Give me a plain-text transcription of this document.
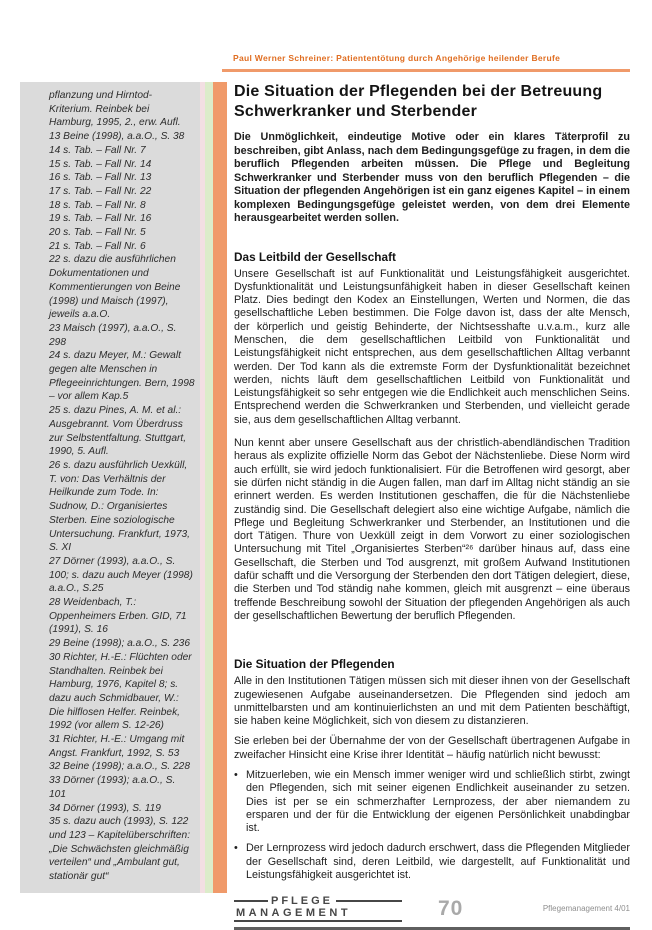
Paul Werner Schreiner: Patiententötung durch Angehörige heilender Berufe

pflanzung und Hirntod-Kriterium. Reinbek bei Hamburg, 1995, 2., erw. Aufl.

13 Beine (1998), a.a.O., S. 38

14 s. Tab. – Fall Nr. 7

15 s. Tab. – Fall Nr. 14

16 s. Tab. – Fall Nr. 13

17 s. Tab. – Fall Nr. 22

18 s. Tab. – Fall Nr. 8

19 s. Tab. – Fall Nr. 16

20 s. Tab. – Fall Nr. 5

21 s. Tab. – Fall Nr. 6

22 s. dazu die ausführlichen Dokumentationen und Kommentierungen von Beine (1998) und Maisch (1997), jeweils a.a.O.

23 Maisch (1997), a.a.O., S. 298

24 s. dazu Meyer, M.: Gewalt gegen alte Menschen in Pflegeeinrichtungen. Bern, 1998 – vor allem Kap.5

25 s. dazu Pines, A. M. et al.: Ausgebrannt. Vom Überdruss zur Selbstentfaltung. Stuttgart, 1990, 5. Aufl.

26 s. dazu ausführlich Uexküll, T. von: Das Verhältnis der Heilkunde zum Tode. In: Sudnow, D.: Organisiertes Sterben. Eine soziologische Untersuchung. Frankfurt, 1973, S. XI

27 Dörner (1993), a.a.O., S. 100; s. dazu auch Meyer (1998) a.a.O., S.25

28 Weidenbach, T.: Oppenheimers Erben. GID, 71 (1991), S. 16

29 Beine (1998); a.a.O., S. 236

30 Richter, H.-E.: Flüchten oder Standhalten. Reinbek bei Hamburg, 1976, Kapitel 8; s. dazu auch Schmidbauer, W.: Die hilflosen Helfer. Reinbek, 1992 (vor allem S. 12-26)

31 Richter, H.-E.: Umgang mit Angst. Frankfurt, 1992, S. 53

32 Beine (1998); a.a.O., S. 228

33 Dörner (1993); a.a.O., S. 101

34 Dörner (1993), S. 119

35 s. dazu auch (1993), S. 122 und 123 – Kapitelüberschriften: „Die Schwächsten gleichmäßig verteilen“ und „Ambulant gut, stationär gut“

Die Situation der Pflegenden bei der Betreuung Schwerkranker und Sterbender

Die Unmöglichkeit, eindeutige Motive oder ein klares Täterprofil zu beschreiben, gibt Anlass, nach dem Bedingungsgefüge zu fragen, in dem die beruflich Pflegenden arbeiten müssen. Die Pflege und Begleitung Schwerkranker und Sterbender muss von den beruflich Pflegenden – die Situation der pflegenden Angehörigen ist ein ganz eigenes Kapitel – in einem komplexen Bedingungsgefüge geleistet werden, von dem drei Elemente herausgearbeitet werden sollen.

Das Leitbild der Gesellschaft

Unsere Gesellschaft ist auf Funktionalität und Leistungsfähigkeit ausgerichtet. Dysfunktionalität und Leistungsunfähigkeit haben in dieser Gesellschaft keinen Platz. Dies bedingt den Kodex an Einstellungen, Werten und Normen, die das gesellschaftliche Leben bestimmen. Die Folge davon ist, dass der alte Mensch, der körperlich und geistig Behinderte, der Nichtsesshafte u.v.a.m., kurz alle Menschen, die dem gesellschaftlichen Leitbild von Funktionalität und Leistungsfähigkeit nicht entsprechen, aus dem gesellschaftlichen Alltag verbannt werden. Der Tod kann als die extremste Form der Dysfunktionalität bezeichnet werden, nichts läuft dem gesellschaftlichen Leitbild von Funktionalität und Leistungsfähigkeit so sehr entgegen wie die Endlichkeit auch menschlichen Seins. Entsprechend werden die Schwerkranken und Sterbenden, und vielleicht gerade sie, aus dem gesellschaftlichen Alltag verbannt.

Nun kennt aber unsere Gesellschaft aus der christlich-abendländischen Tradition heraus als explizite offizielle Norm das Gebot der Nächstenliebe. Diese Norm wird auch erfüllt, sie wird jedoch funktionalisiert. Für die Betroffenen wird gesorgt, aber sie dürfen nicht ständig in die Augen fallen, man darf im Alltag nicht ständig an sie erinnert werden. Es werden Institutionen geschaffen, die für die Nächstenliebe zuständig sind. Die Gesellschaft delegiert also eine wichtige Aufgabe, nämlich die Pflege und Begleitung Schwerkranker und Sterbender, an Institutionen und die dort Tätigen. Thure von Uexküll zeigt in dem Vorwort zu einer soziologischen Untersuchung mit Titel „Organisiertes Sterben“²⁶ darüber hinaus auf, dass eine Gesellschaft, die Sterben und Tod ausgrenzt, mit großem Aufwand Institutionen dafür schafft und die Versorgung der Sterbenden den dort Tätigen delegiert, diese, die Sterben und Tod ständig nahe kommen, gleich mit ausgrenzt – eine überaus treffende Beschreibung sowohl der Situation der pflegenden Angehörigen als auch der gesellschaftlichen Bewertung der beruflich Pflegenden.

Die Situation der Pflegenden

Alle in den Institutionen Tätigen müssen sich mit dieser ihnen von der Gesellschaft zugewiesenen Aufgabe auseinandersetzen. Die Pflegenden sind jedoch am unmittelbarsten und am kontinuierlichsten an und mit dem Patienten beschäftigt, sie haben keine Möglichkeit, sich von diesem zu distanzieren.

Sie erleben bei der Übernahme der von der Gesellschaft übertragenen Aufgabe in zweifacher Hinsicht eine Krise ihrer Identität – häufig natürlich nicht bewusst:

• Mitzuerleben, wie ein Mensch immer weniger wird und schließlich stirbt, zwingt den Pflegenden, sich mit seiner eigenen Endlichkeit auseinander zu setzen. Dies ist per se ein schmerzhafter Lernprozess, der aber niemandem zu ersparen und der für die Entwicklung der eigenen Persönlichkeit unabdingbar ist.

• Der Lernprozess wird jedoch dadurch erschwert, dass die Pflegenden Mitglieder der Gesellschaft sind, deren Leitbild, wie dargestellt, auf Funktionalität und Leistungsfähigkeit ausgerichtet ist.

PFLEGE
MANAGEMENT	70	Pflegemanagement 4/01
